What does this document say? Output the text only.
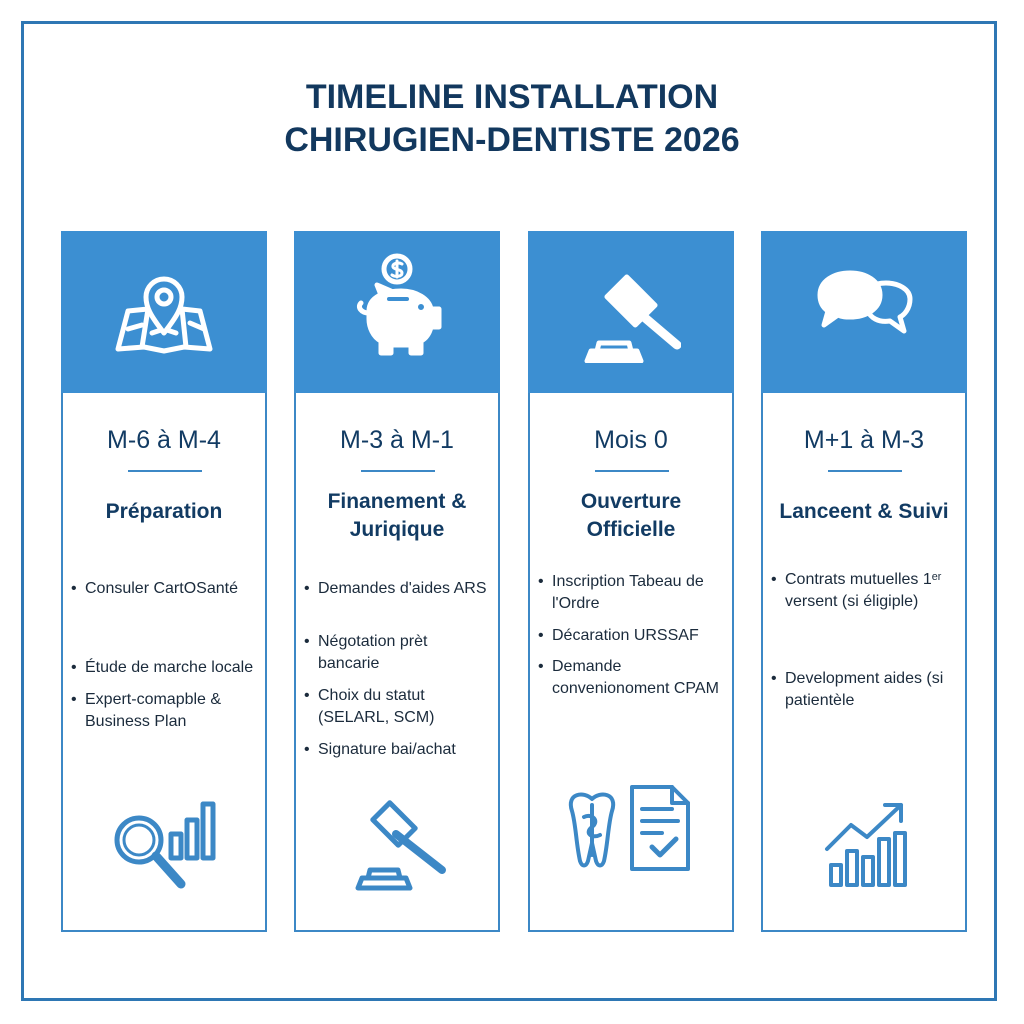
TIMELINE INSTALLATION
CHIRUGIEN-DENTISTE 2026
M-6 à M-4
Préparation
• Consuler CartOSanté
• Étude de marche locale
• Expert-comapble & Business Plan
M-3 à M-1
Finanement & Juriqique
• Demandes d'aides ARS
• Négotation prèt bancarie
• Choix du statut (SELARL, SCM)
• Signature bai/achat
Mois 0
Ouverture Officielle
• Inscription Tabeau de l'Ordre
• Décaration URSSAF
• Demande convenionoment CPAM
M+1 à M-3
Lanceent & Suivi
• Contrats mutuelles 1ᵉʳ versent (si éligiple)
• Development aides (si patientèle
